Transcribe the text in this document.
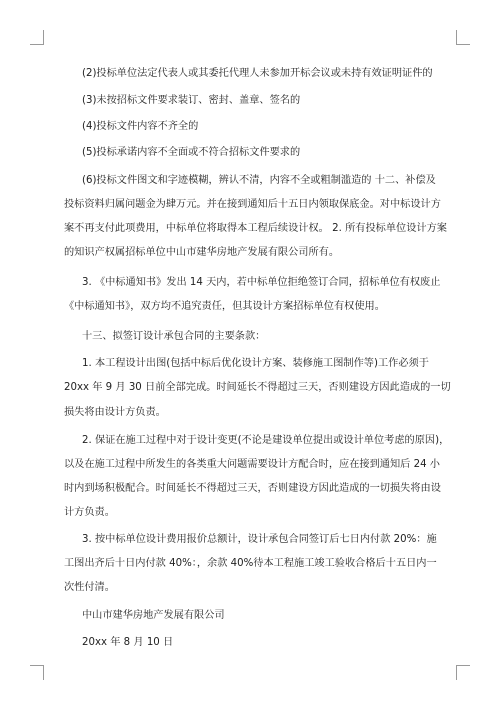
(2)投标单位法定代表人或其委托代理人未参加开标会议或未持有效证明证件的
(3)未按招标文件要求装订、密封、盖章、签名的
(4)投标文件内容不齐全的
(5)投标承诺内容不全面或不符合招标文件要求的
(6)投标文件图文和字迹模糊，辨认不清，内容不全或粗制滥造的 十二、补偿及
投标资料归属问题金为肆万元。并在接到通知后十五日内领取保底金。对中标设计方
案不再支付此项费用，中标单位将取得本工程后续设计权。 2. 所有投标单位设计方案
的知识产权属招标单位中山市建华房地产发展有限公司所有。
3. 《中标通知书》发出 14 天内，若中标单位拒绝签订合同，招标单位有权废止
《中标通知书》，双方均不追究责任，但其设计方案招标单位有权使用。
十三、拟签订设计承包合同的主要条款：
1. 本工程设计出图(包括中标后优化设计方案、装修施工图制作等)工作必须于
20xx 年 9 月 30 日前全部完成。时间延长不得超过三天，否则建设方因此造成的一切
损失将由设计方负责。
2. 保证在施工过程中对于设计变更(不论是建设单位提出或设计单位考虑的原因)，
以及在施工过程中所发生的各类重大问题需要设计方配合时，应在接到通知后 24 小
时内到场积极配合。时间延长不得超过三天，否则建设方因此造成的一切损失将由设
计方负责。
3. 按中标单位设计费用报价总额计，设计承包合同签订后七日内付款 20%：施
工图出齐后十日内付款 40%：，余款 40%待本工程施工竣工验收合格后十五日内一
次性付清。
中山市建华房地产发展有限公司
20xx 年 8 月 10 日
